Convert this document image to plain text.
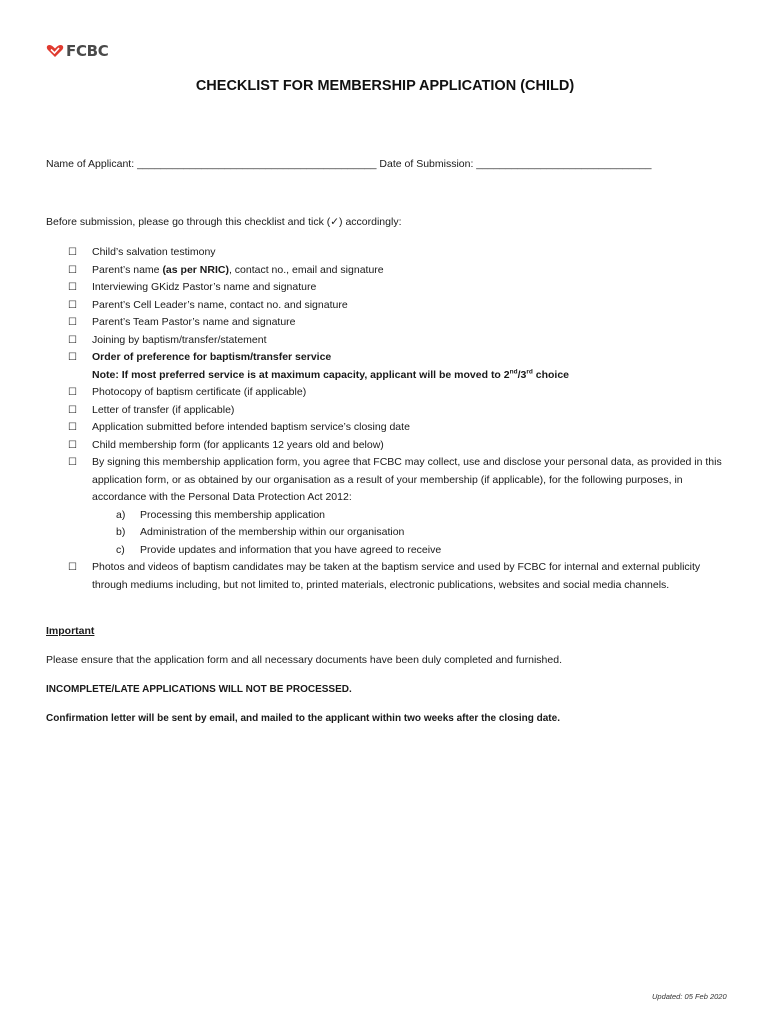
FCBC
CHECKLIST FOR MEMBERSHIP APPLICATION (CHILD)
Name of Applicant: _________________________________________ Date of Submission: ______________________________
Before submission, please go through this checklist and tick (✓) accordingly:
☐	Child’s salvation testimony
☐	Parent’s name (as per NRIC), contact no., email and signature
☐	Interviewing GKidz Pastor’s name and signature
☐	Parent’s Cell Leader’s name, contact no. and signature
☐	Parent’s Team Pastor’s name and signature
☐	Joining by baptism/transfer/statement
☐	Order of preference for baptism/transfer service
Note: If most preferred service is at maximum capacity, applicant will be moved to 2nd/3rd choice
☐	Photocopy of baptism certificate (if applicable)
☐	Letter of transfer (if applicable)
☐	Application submitted before intended baptism service’s closing date
☐	Child membership form (for applicants 12 years old and below)
☐	By signing this membership application form, you agree that FCBC may collect, use and disclose your personal data, as provided in this application form, or as obtained by our organisation as a result of your membership (if applicable), for the following purposes, in accordance with the Personal Data Protection Act 2012:
a)	Processing this membership application
b)	Administration of the membership within our organisation
c)	Provide updates and information that you have agreed to receive
☐	Photos and videos of baptism candidates may be taken at the baptism service and used by FCBC for internal and external publicity through mediums including, but not limited to, printed materials, electronic publications, websites and social media channels.
Important
Please ensure that the application form and all necessary documents have been duly completed and furnished.
INCOMPLETE/LATE APPLICATIONS WILL NOT BE PROCESSED.
Confirmation letter will be sent by email, and mailed to the applicant within two weeks after the closing date.
Updated: 05 Feb 2020
